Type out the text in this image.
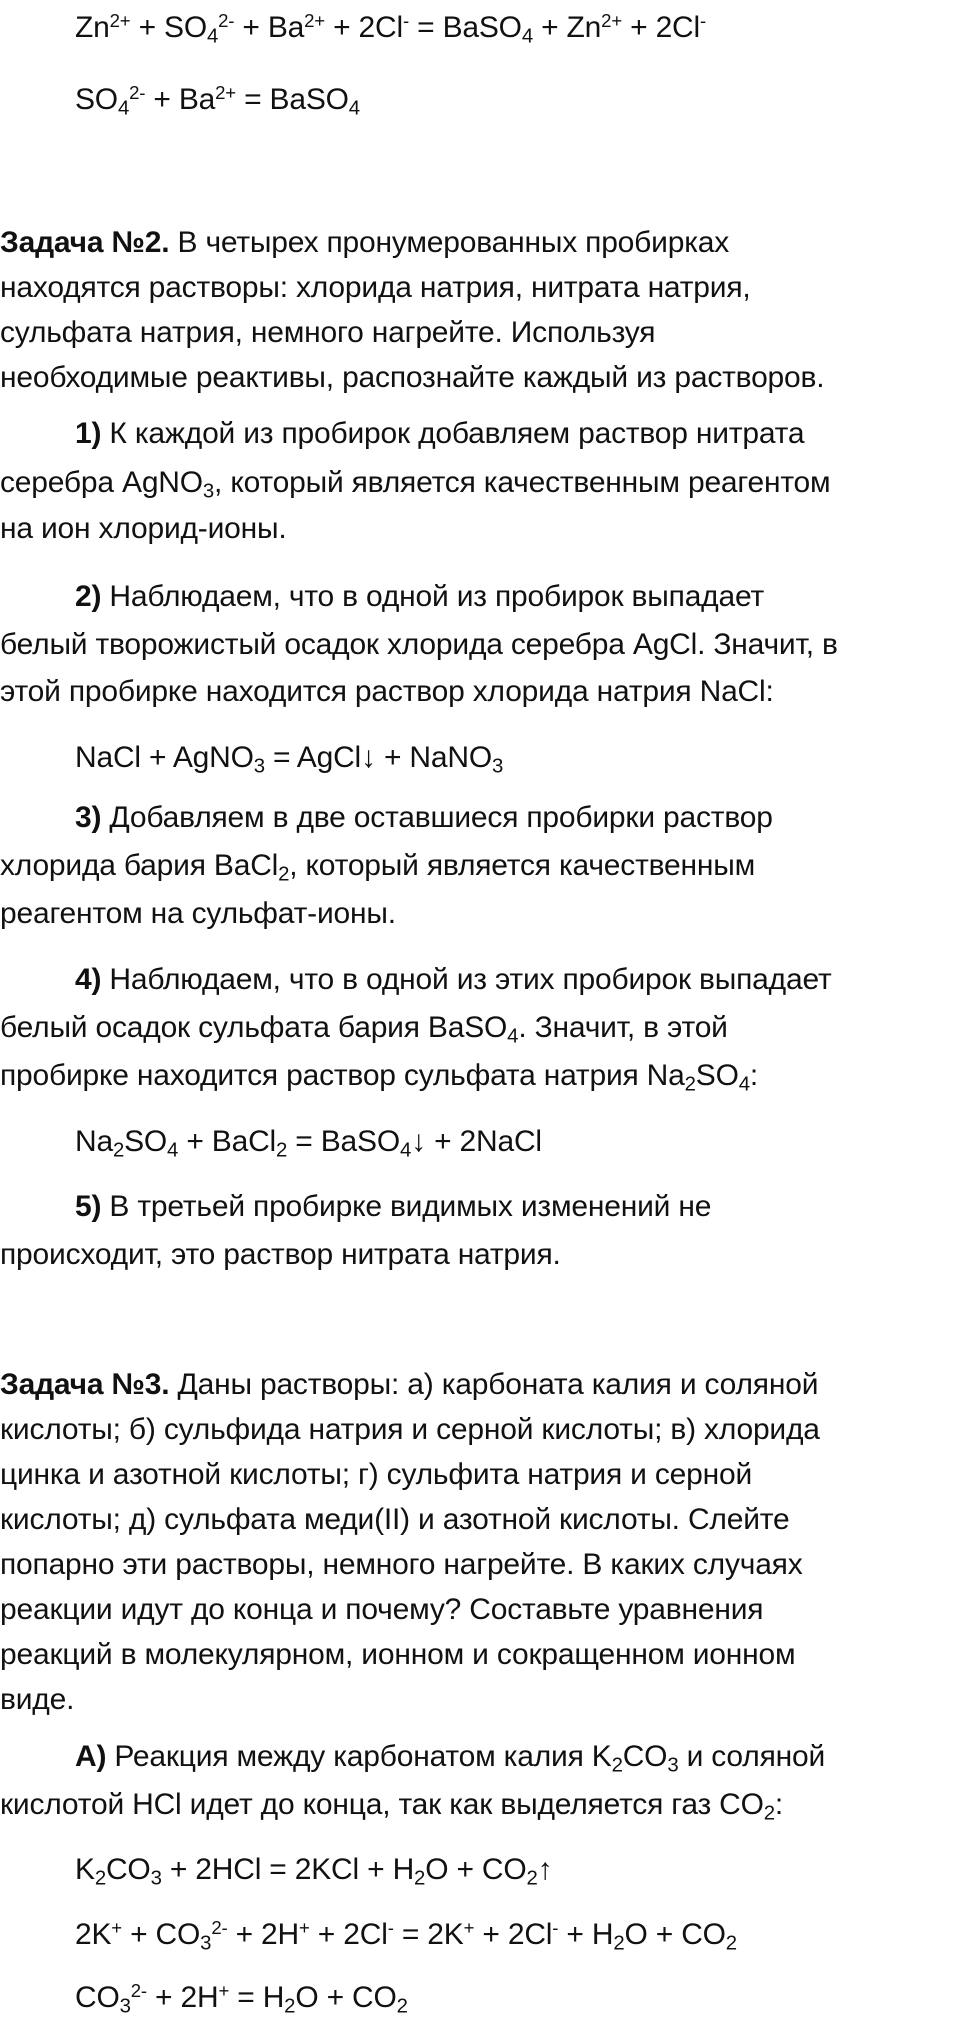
$Zn^{2+} + SO_4^{2-} + Ba^{2+} + 2Cl^-$ = BaSO$_4$ + $Zn^{2+} + 2Cl^-$
$SO_4^{2-} + Ba^{2+}$ = BaSO$_4$
Задача №2. В четырех пронумерованных пробирках
находятся растворы: хлорида натрия, нитрата натрия,
сульфата натрия, немного нагрейте. Используя
необходимые реактивы, распознайте каждый из растворов.
1) К каждой из пробирок добавляем раствор нитрата
серебра AgNO$_3$, который является качественным реагентом
на ион хлорид-ионы.
2) Наблюдаем, что в одной из пробирок выпадает
белый творожистый осадок хлорида серебра AgCl. Значит, в
этой пробирке находится раствор хлорида натрия NaCl:
NaCl + AgNO$_3$ = AgCl↓ + NaNO$_3$
3) Добавляем в две оставшиеся пробирки раствор
хлорида бария BaCl$_2$, который является качественным
реагентом на сульфат-ионы.
4) Наблюдаем, что в одной из этих пробирок выпадает
белый осадок сульфата бария BaSO$_4$. Значит, в этой
пробирке находится раствор сульфата натрия $Na_2SO_4$:
$Na_2SO_4$ + BaCl$_2$ = BaSO$_4$↓ + 2NaCl
5) В третьей пробирке видимых изменений не
происходит, это раствор нитрата натрия.
Задача №3. Даны растворы: а) карбоната калия и соляной
кислоты; б) сульфида натрия и серной кислоты; в) хлорида
цинка и азотной кислоты; г) сульфита натрия и серной
кислоты; д) сульфата меди(II) и азотной кислоты. Слейте
попарно эти растворы, немного нагрейте. В каких случаях
реакции идут до конца и почему? Составьте уравнения
реакций в молекулярном, ионном и сокращенном ионном
виде.
А) Реакция между карбонатом калия $K_2CO_3$ и соляной
кислотой HCl идет до конца, так как выделяется газ $CO_2$:
$K_2CO_3 + 2HCl = 2KCl + H_2O$ + $CO_2↑$
$2K^+ + CO_3^{2-} + 2H^+ + 2Cl^- = 2K^+ + 2Cl^- + H_2O + CO_2$
$CO_3^{2-} + 2H^+ = H_2O + CO_2$
